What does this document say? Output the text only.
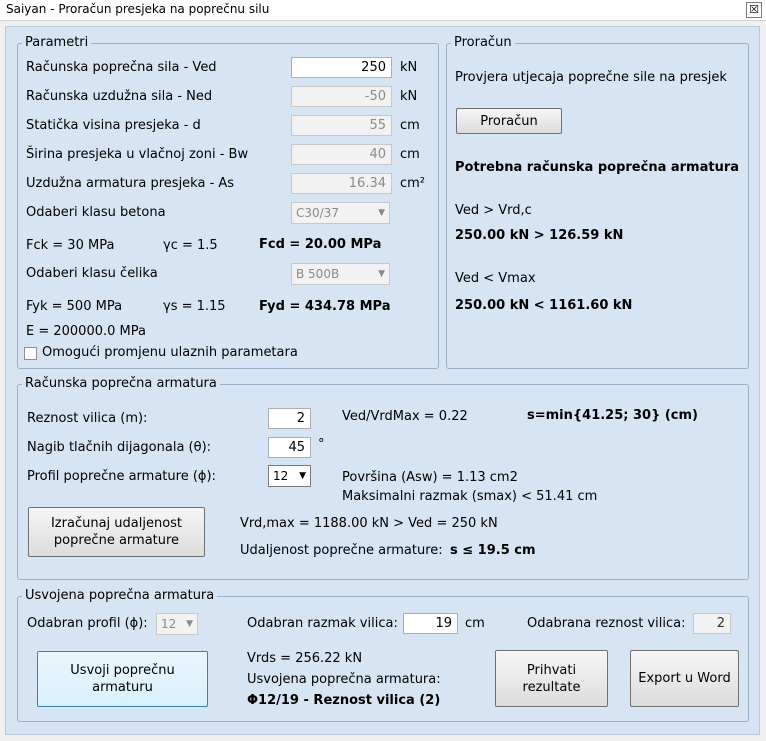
Saiyan - Proračun presjeka na poprečnu silu	☒
Parametri
Računska poprečna sila - Ved	250	kN
Računska uzdužna sila - Ned	-50	kN
Statička visina presjeka - d	55	cm
Širina presjeka u vlačnoj zoni - Bw	40	cm
Uzdužna armatura presjeka - As	16.34	cm²
Odaberi klasu betona	C30/37	▼
Fck = 30 MPa	γc = 1.5	Fcd = 20.00 MPa
Odaberi klasu čelika	B 500B	▼
Fyk = 500 MPa	γs = 1.15	Fyd = 434.78 MPa
E = 200000.0 MPa
Omogući promjenu ulaznih parametara
Proračun
Provjera utjecaja poprečne sile na presjek
Proračun
Potrebna računska poprečna armatura
Ved > Vrd,c
250.00 kN > 126.59 kN
Ved < Vmax
250.00 kN < 1161.60 kN
Računska poprečna armatura
Reznost vilica (m):	2
Nagib tlačnih dijagonala (θ):	45	°
Profil poprečne armature (ϕ):	12 ▼
Ved/VrdMax = 0.22	s=min{41.25; 30} (cm)
Površina (Asw) = 1.13 cm2
Maksimalni razmak (smax) < 51.41 cm
Izračunaj udaljenost poprečne armature
Vrd,max = 1188.00 kN > Ved = 250 kN
Udaljenost poprečne armature: s ≤ 19.5 cm
Usvojena poprečna armatura
Odabran profil (ϕ):	12 ▼	Odabran razmak vilica:	19	cm	Odabrana reznost vilica:	2
Usvoji poprečnu armaturu
Vrds = 256.22 kN
Usvojena poprečna armatura:
Φ12/19 - Reznost vilica (2)
Prihvati rezultate
Export u Word
